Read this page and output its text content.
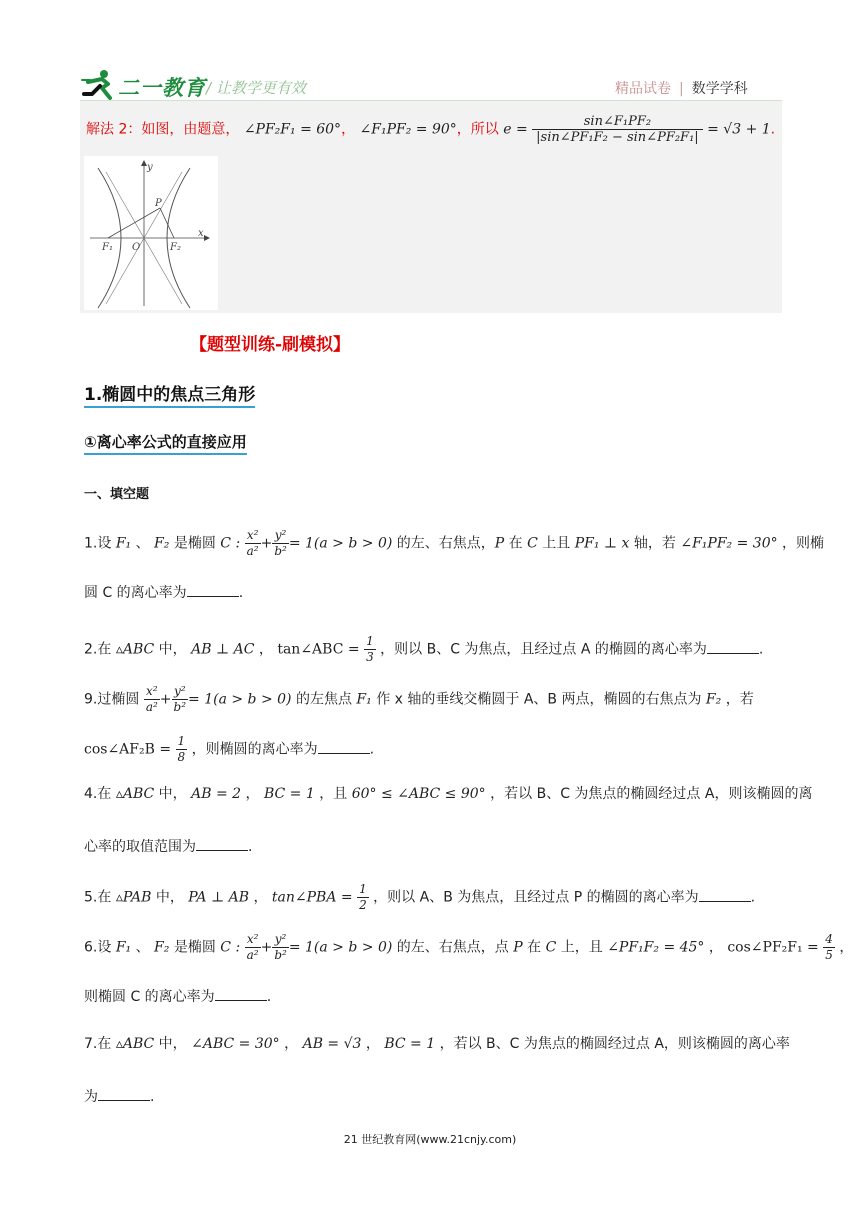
二一教育 / 让教学更有效	精品试卷 | 数学学科
解法 2：如图，由题意， ∠PF₂F₁ = 60°， ∠F₁PF₂ = 90°，所以 $e = \frac{\text{sin∠F₁PF₂}}{\text{|sin∠PF₁F₂ − sin∠PF₂F₁|}} = √3 + 1$.
y
x
P
F₁ O	F₂
【题型训练-刷模拟】
1.椭圆中的焦点三角形
①离心率公式的直接应用
一、填空题
1.设 F₁ 、 F₂ 是椭圆 C : $\frac{\text{x²}}{\text{a²}} + \frac{\text{y²}}{\text{b²}} = 1(a > b > 0)$ 的左、右焦点，P 在 C 上且 PF₁ ⊥ x 轴，若 ∠F₁PF₂ = 30° ，则椭
圆 C 的离心率为	.
2.在 ▵ABC 中， AB ⊥ AC ， tan∠ABC = $\frac{1}{3}$ ，则以 B、C 为焦点，且经过点 A 的椭圆的离心率为	.
9.过椭圆 $\frac{\text{x²}}{\text{a²}} + \frac{\text{y²}}{\text{b²}} = 1(a > b > 0)$ 的左焦点 F₁ 作 x 轴的垂线交椭圆于 A、B 两点，椭圆的右焦点为 F₂ ，若
cos∠AF₂B = $\frac{1}{8}$ ，则椭圆的离心率为	.
4.在 ▵ABC 中， AB = 2 ， BC = 1 ，且 60° ≤ ∠ABC ≤ 90° ，若以 B、C 为焦点的椭圆经过点 A，则该椭圆的离
心率的取值范围为	.
5.在 ▵PAB 中， PA ⊥ AB ， tan∠PBA = $\frac{1}{2}$ ，则以 A、B 为焦点，且经过点 P 的椭圆的离心率为	.
6.设 F₁ 、 F₂ 是椭圆 C : $\frac{\text{x²}}{\text{a²}} + \frac{\text{y²}}{\text{b²}} = 1(a > b > 0)$ 的左、右焦点，点 P 在 C 上，且 ∠PF₁F₂ = 45° ， cos∠PF₂F₁ = $\frac{4}{5}$ ，
则椭圆 C 的离心率为	.
7.在 ▵ABC 中， ∠ABC = 30° ， AB = √3 ， BC = 1 ，若以 B、C 为焦点的椭圆经过点 A，则该椭圆的离心率
为	.
21 世纪教育网(www.21cnjy.com)
